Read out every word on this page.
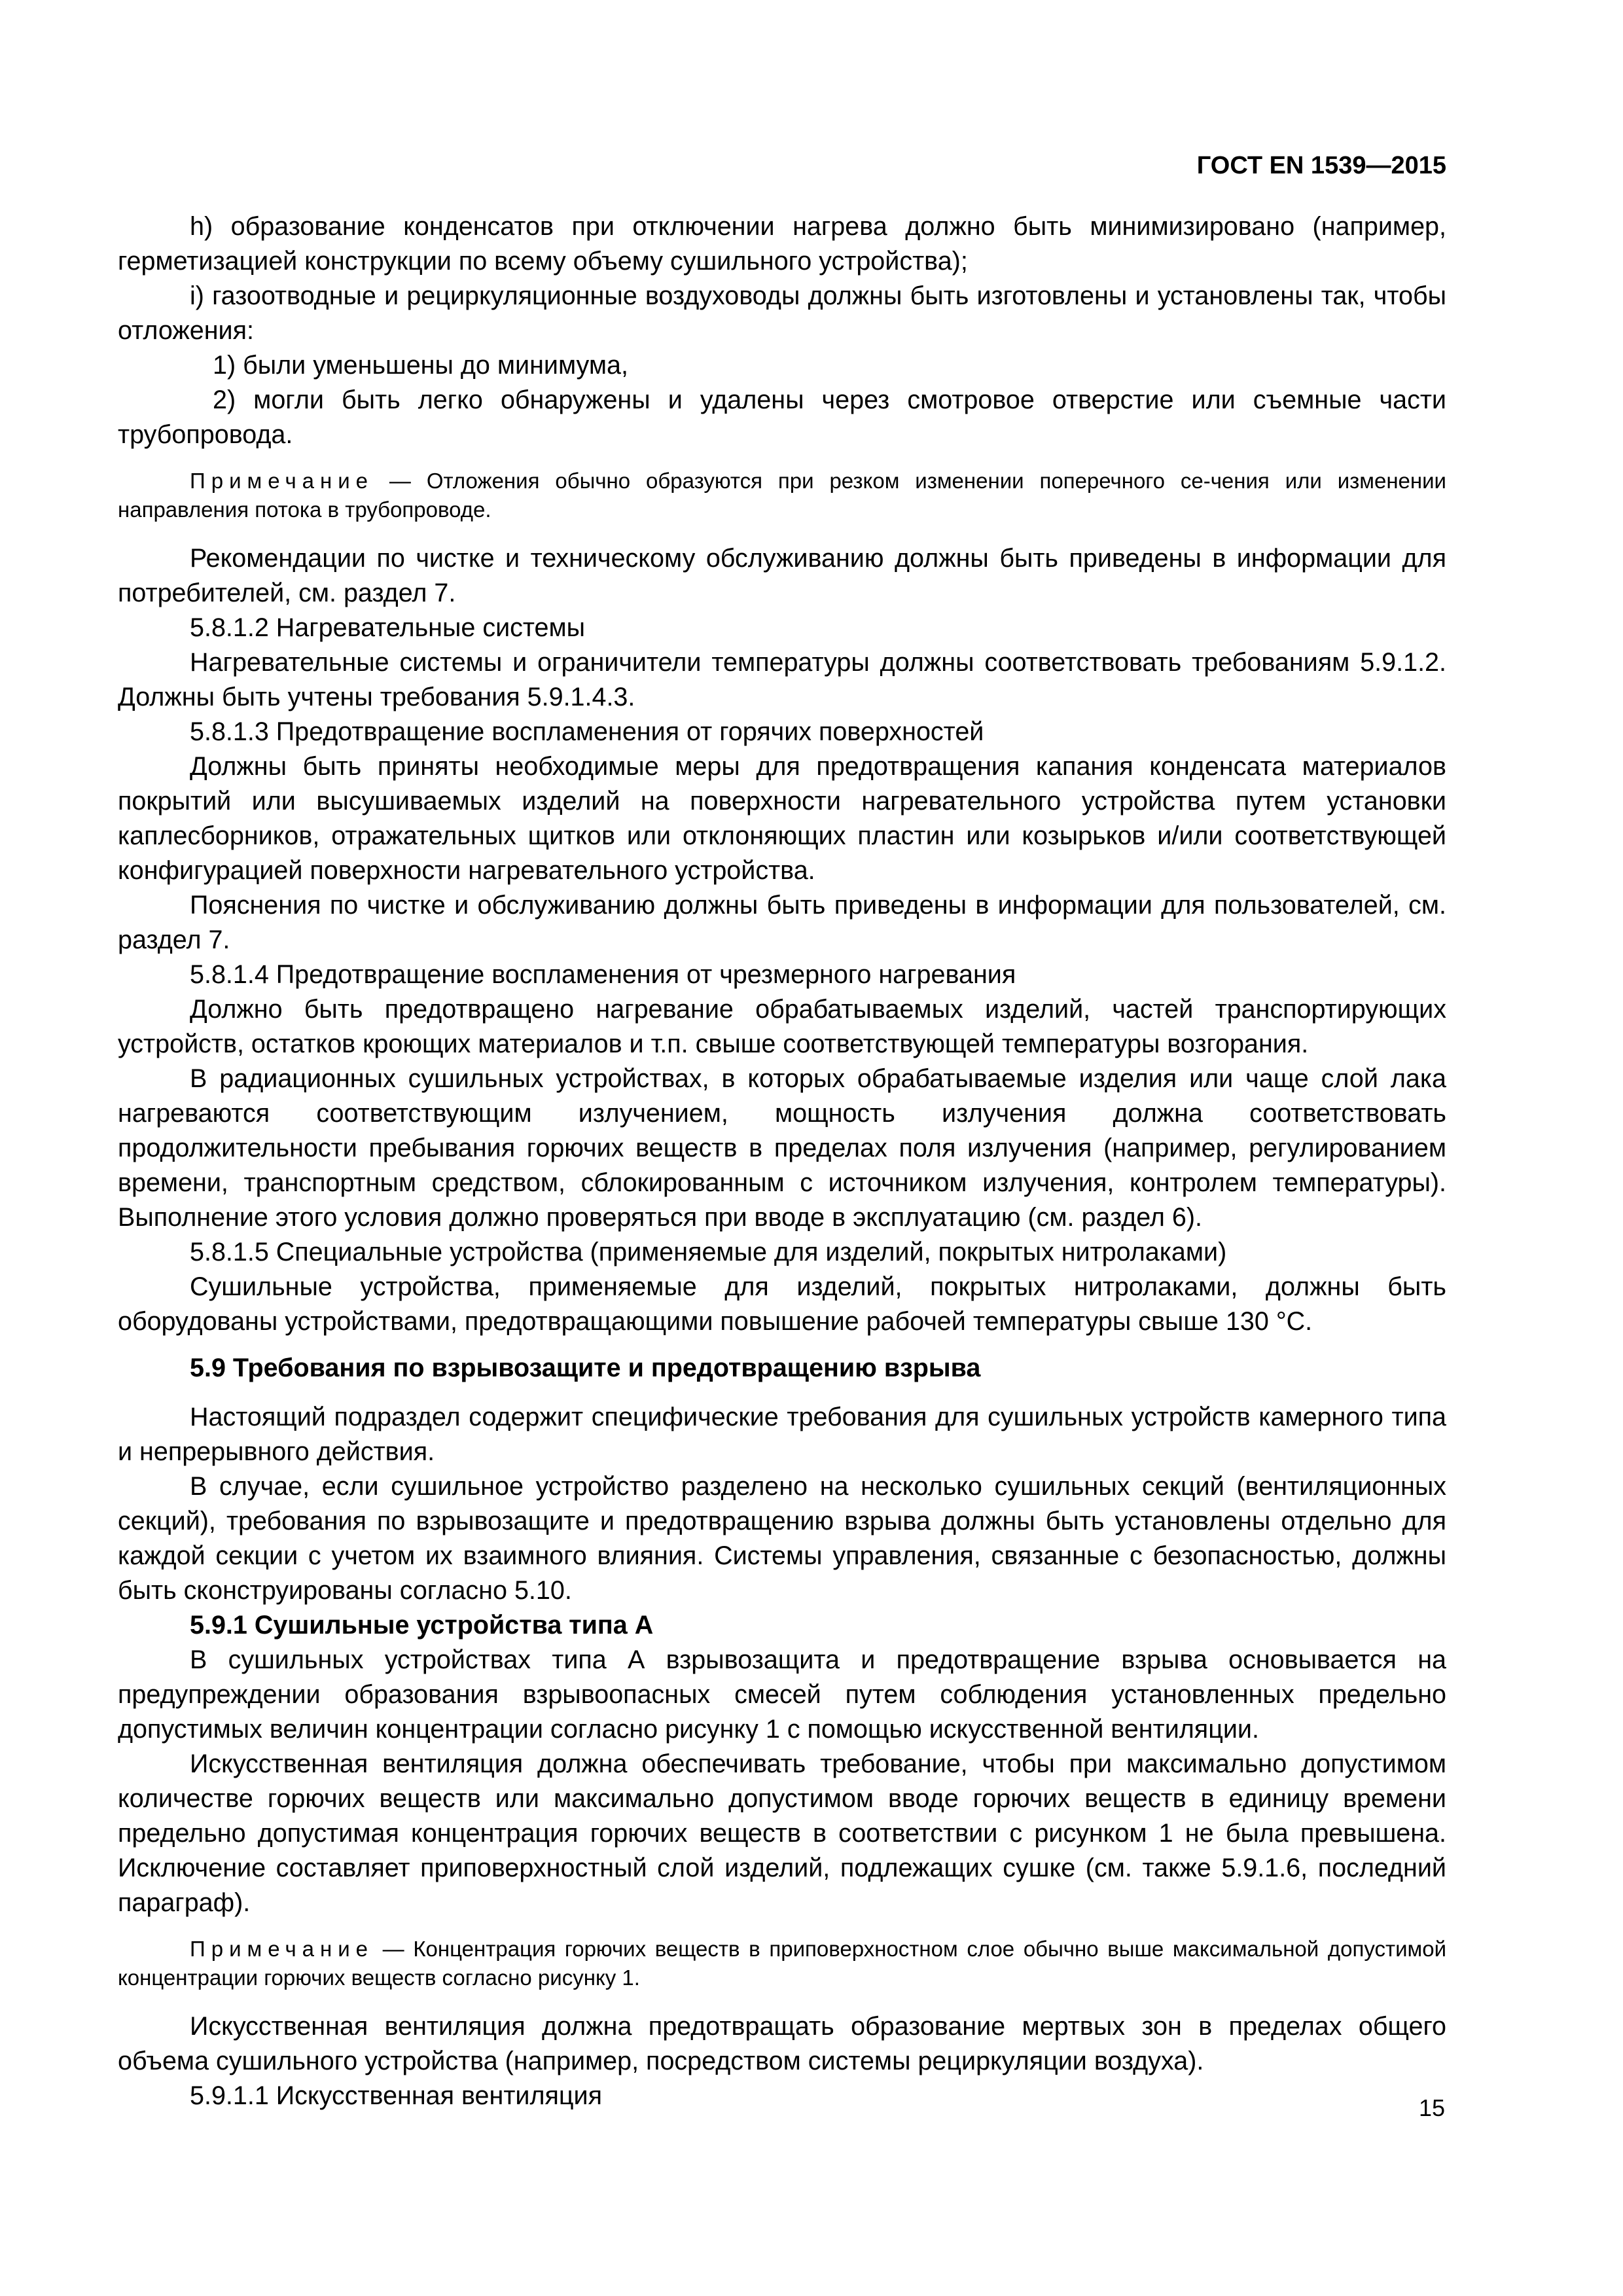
ГОСТ EN 1539—2015

h) образование конденсатов при отключении нагрева должно быть минимизировано (например, герметизацией конструкции по всему объему сушильного устройства);

i) газоотводные и рециркуляционные воздуховоды должны быть изготовлены и установлены так, чтобы отложения:

1) были уменьшены до минимума,

2) могли быть легко обнаружены и удалены через смотровое отверстие или съемные части трубопровода.

Примечание — Отложения обычно образуются при резком изменении поперечного се-чения или изменении направления потока в трубопроводе.

Рекомендации по чистке и техническому обслуживанию должны быть приведены в информации для потребителей, см. раздел 7.

5.8.1.2 Нагревательные системы

Нагревательные системы и ограничители температуры должны соответствовать требованиям 5.9.1.2. Должны быть учтены требования 5.9.1.4.3.

5.8.1.3 Предотвращение воспламенения от горячих поверхностей

Должны быть приняты необходимые меры для предотвращения капания конденсата материалов покрытий или высушиваемых изделий на поверхности нагревательного устройства путем установки каплесборников, отражательных щитков или отклоняющих пластин или козырьков и/или соответствующей конфигурацией поверхности нагревательного устройства.

Пояснения по чистке и обслуживанию должны быть приведены в информации для пользователей, см. раздел 7.

5.8.1.4 Предотвращение воспламенения от чрезмерного нагревания

Должно быть предотвращено нагревание обрабатываемых изделий, частей транспортирующих устройств, остатков кроющих материалов и т.п. свыше соответствующей температуры возгорания.

В радиационных сушильных устройствах, в которых обрабатываемые изделия или чаще слой лака нагреваются соответствующим излучением, мощность излучения должна соответствовать продолжительности пребывания горючих веществ в пределах поля излучения (например, регулированием времени, транспортным средством, сблокированным с источником излучения, контролем температуры). Выполнение этого условия должно проверяться при вводе в эксплуатацию (см. раздел 6).

5.8.1.5 Специальные устройства (применяемые для изделий, покрытых нитролаками)

Сушильные устройства, применяемые для изделий, покрытых нитролаками, должны быть оборудованы устройствами, предотвращающими повышение рабочей температуры свыше 130 °С.

5.9 Требования по взрывозащите и предотвращению взрыва

Настоящий подраздел содержит специфические требования для сушильных устройств камерного типа и непрерывного действия.

В случае, если сушильное устройство разделено на несколько сушильных секций (вентиляционных секций), требования по взрывозащите и предотвращению взрыва должны быть установлены отдельно для каждой секции с учетом их взаимного влияния. Системы управления, связанные с безопасностью, должны быть сконструированы согласно 5.10.

5.9.1 Сушильные устройства типа А

В сушильных устройствах типа А взрывозащита и предотвращение взрыва основывается на предупреждении образования взрывоопасных смесей путем соблюдения установленных предельно допустимых величин концентрации согласно рисунку 1 с помощью искусственной вентиляции.

Искусственная вентиляция должна обеспечивать требование, чтобы при максимально допустимом количестве горючих веществ или максимально допустимом вводе горючих веществ в единицу времени предельно допустимая концентрация горючих веществ в соответствии с рисунком 1 не была превышена. Исключение составляет приповерхностный слой изделий, подлежащих сушке (см. также 5.9.1.6, последний параграф).

Примечание — Концентрация горючих веществ в приповерхностном слое обычно выше максимальной допустимой концентрации горючих веществ согласно рисунку 1.

Искусственная вентиляция должна предотвращать образование мертвых зон в пределах общего объема сушильного устройства (например, посредством системы рециркуляции воздуха).

5.9.1.1 Искусственная вентиляция	15
